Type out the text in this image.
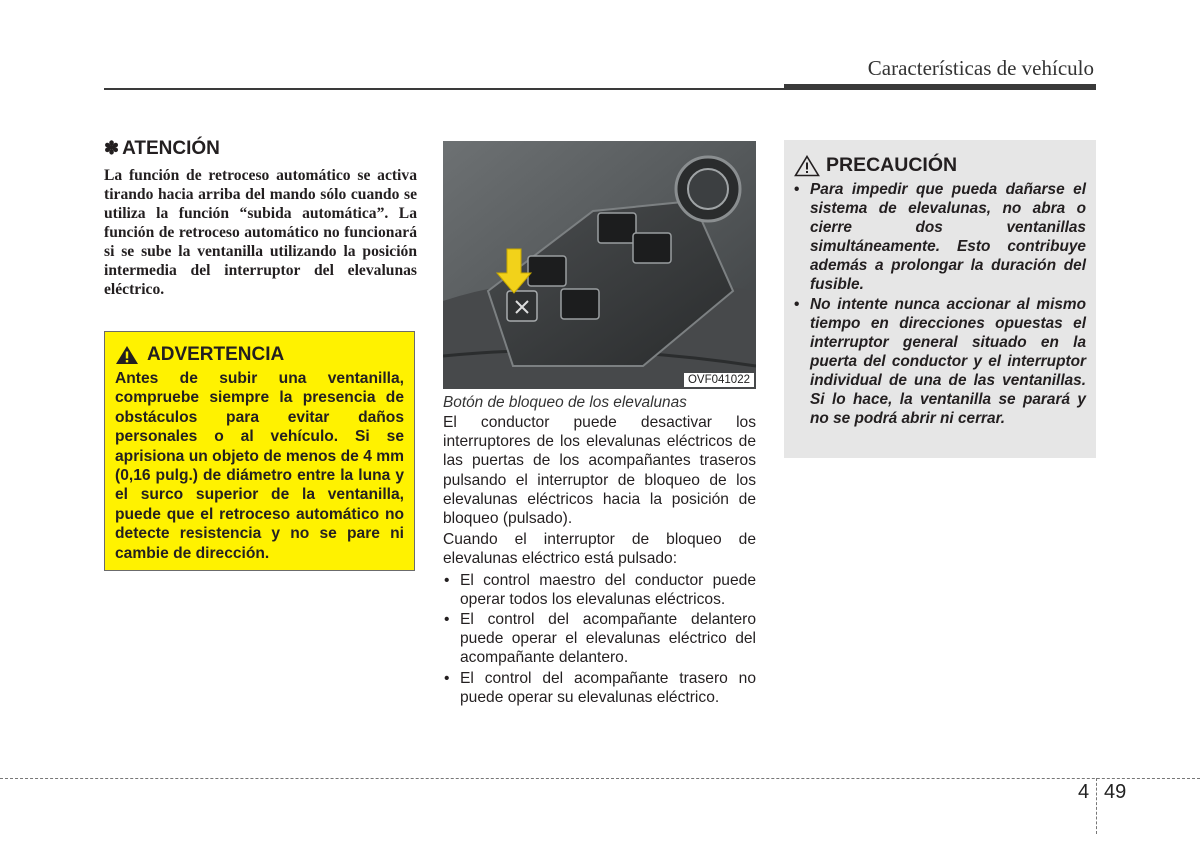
Características de vehículo
✽ ATENCIÓN

La función de retroceso automático se activa tirando hacia arriba del mando sólo cuando se utiliza la función “subida automática”. La función de retroceso automático no funcionará si se sube la ventanilla utilizando la posición intermedia del interruptor del elevalunas eléctrico.

ADVERTENCIA

Antes de subir una ventanilla, compruebe siempre la presencia de obstáculos para evitar daños personales o al vehículo. Si se aprisiona un objeto de menos de 4 mm (0,16 pulg.) de diámetro entre la luna y el surco superior de la ventanilla, puede que el retroceso automático no detecte resistencia y no se pare ni cambie de dirección.

OVF041022

Botón de bloqueo de los elevalunas

El conductor puede desactivar los interruptores de los elevalunas eléctricos de las puertas de los acompañantes traseros pulsando el interruptor de bloqueo de los elevalunas eléctricos hacia la posición de bloqueo (pulsado).

Cuando el interruptor de bloqueo de elevalunas eléctrico está pulsado:

• El control maestro del conductor puede operar todos los elevalunas eléctricos.
• El control del acompañante delantero puede operar el elevalunas eléctrico del acompañante delantero.
• El control del acompañante trasero no puede operar su elevalunas eléctrico.
PRECAUCIÓN
• Para impedir que pueda dañarse el sistema de elevalunas, no abra o cierre dos ventanillas simultáneamente. Esto contribuye además a prolongar la duración del fusible.
• No intente nunca accionar al mismo tiempo en direcciones opuestas el interruptor general situado en la puerta del conductor y el interruptor individual de una de las ventanillas. Si lo hace, la ventanilla se parará y no se podrá abrir ni cerrar.
4 49
